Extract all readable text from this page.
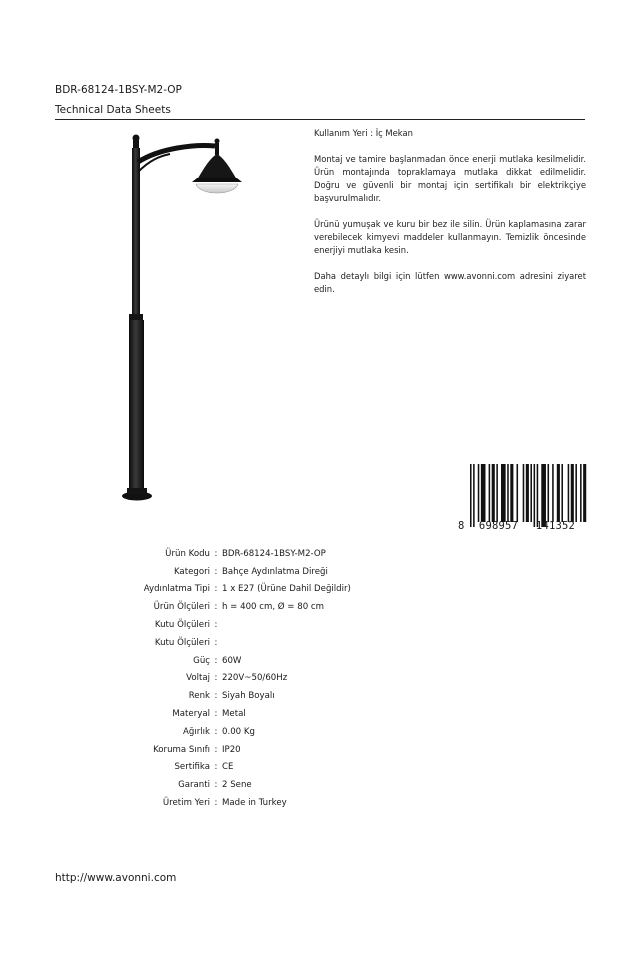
BDR-68124-1BSY-M2-OP
Technical Data Sheets

Kullanım Yeri : İç Mekan

Montaj ve tamire başlanmadan önce enerji mutlaka kesilmelidir. Ürün montajında topraklamaya mutlaka dikkat edilmelidir. Doğru ve güvenli bir montaj için sertifikalı bir elektrikçiye başvurulmalıdır.

Ürünü yumuşak ve kuru bir bez ile silin. Ürün kaplamasına zarar verebilecek kimyevi maddeler kullanmayın. Temizlik öncesinde enerjiyi mutlaka kesin.

Daha detaylı bilgi için lütfen www.avonni.com adresini ziyaret edin.

8	698957	141352
Ürün Kodu : BDR-68124-1BSY-M2-OP
Kategori : Bahçe Aydınlatma Direği
Aydınlatma Tipi : 1 x E27 (Ürüne Dahil Değildir)
Ürün Ölçüleri : h = 400 cm, Ø = 80 cm
Kutu Ölçüleri :
Kutu Ölçüleri :
Güç : 60W
Voltaj : 220V~50/60Hz
Renk : Siyah Boyalı
Materyal : Metal
Ağırlık : 0.00 Kg
Koruma Sınıfı : IP20
Sertifika : CE
Garanti : 2 Sene
Üretim Yeri : Made in Turkey
http://www.avonni.com
